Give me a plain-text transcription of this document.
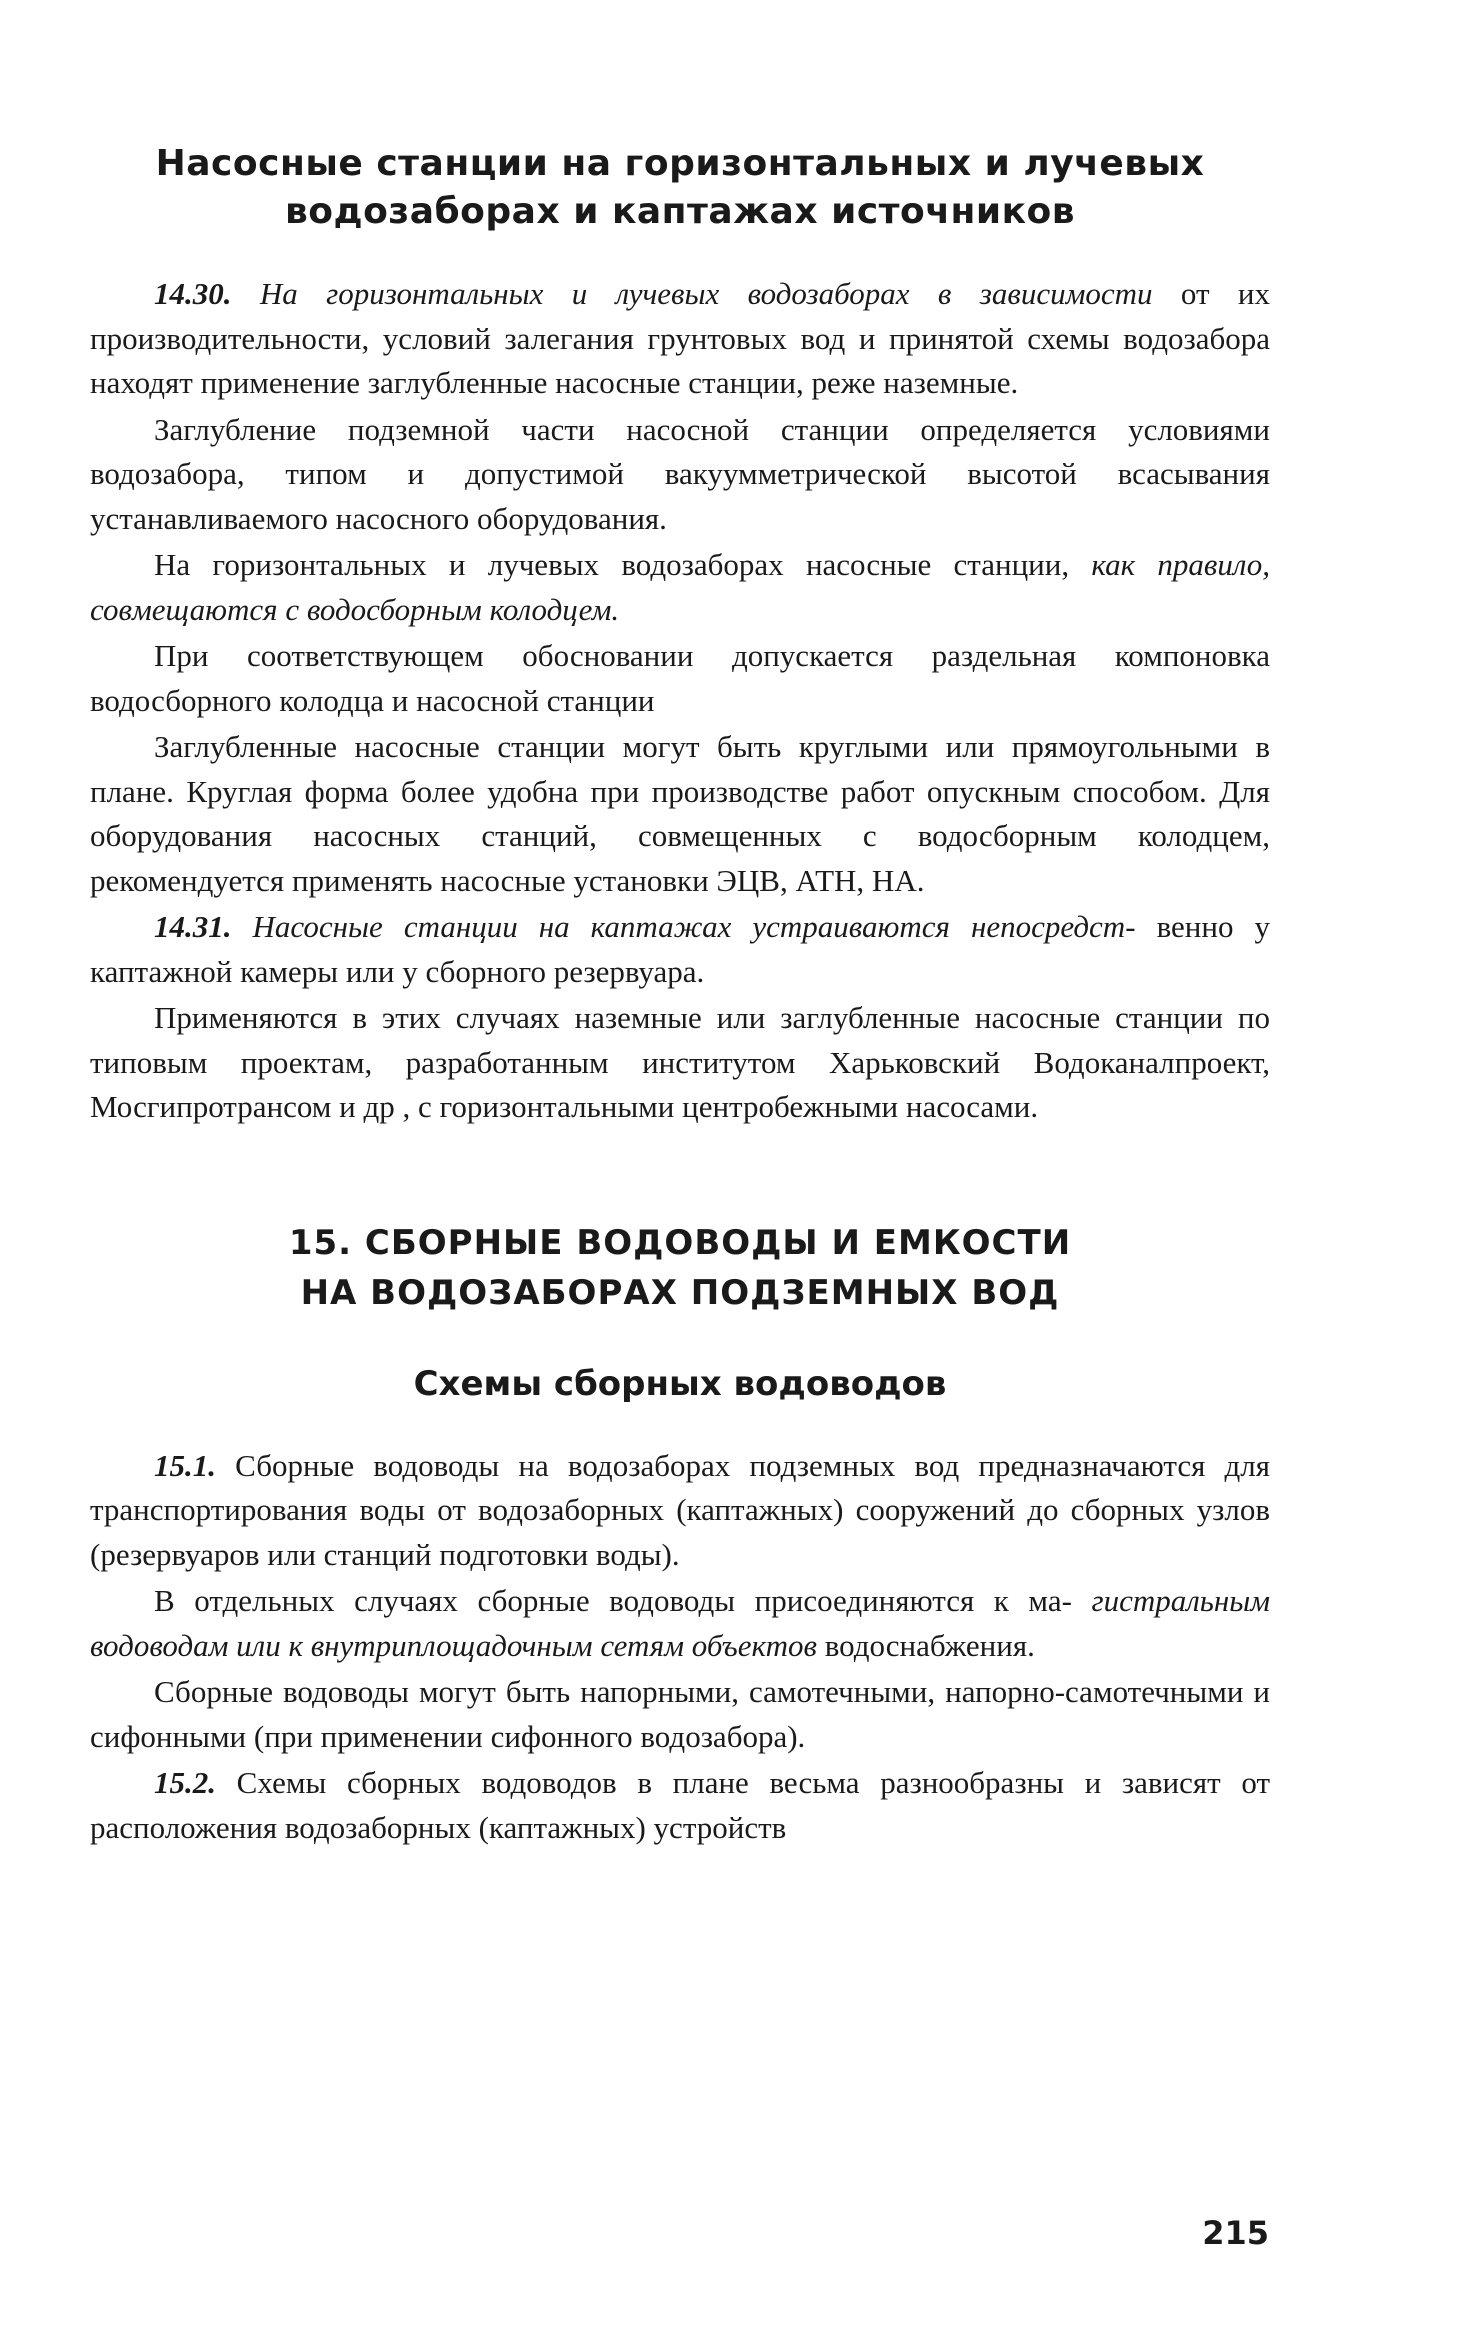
Насосные станции на горизонтальных и лучевых
водозаборах и каптажах источников

14.30. На горизонтальных и лучевых водозаборах в зависимости от их производительности, условий залегания грунтовых вод и принятой схемы водозабора находят применение заглубленные насосные станции, реже наземные.

Заглубление подземной части насосной станции определяется условиями водозабора, типом и допустимой вакуумметрической высотой всасывания устанавливаемого насосного оборудования.

На горизонтальных и лучевых водозаборах насосные станции, как правило, совмещаются с водосборным колодцем.

При соответствующем обосновании допускается раздельная компоновка водосборного колодца и насосной станции

Заглубленные насосные станции могут быть круглыми или прямоугольными в плане. Круглая форма более удобна при производстве работ опускным способом. Для оборудования насосных станций, совмещенных с водосборным колодцем, рекомендуется применять насосные установки ЭЦВ, АТН, НА.

14.31. Насосные станции на каптажах устраиваются непосредст- венно у каптажной камеры или у сборного резервуара.

Применяются в этих случаях наземные или заглубленные насосные станции по типовым проектам, разработанным институтом Харьковский Водоканалпроект, Мосгипротрансом и др , с горизонтальными центробежными насосами.

15. СБОРНЫЕ ВОДОВОДЫ И ЕМКОСТИ
НА ВОДОЗАБОРАХ ПОДЗЕМНЫХ ВОД
Схемы сборных водоводов

15.1. Сборные водоводы на водозаборах подземных вод предназначаются для транспортирования воды от водозаборных (каптажных) сооружений до сборных узлов (резервуаров или станций подготовки воды).

В отдельных случаях сборные водоводы присоединяются к ма- гистральным водоводам или к внутриплощадочным сетям объектов водоснабжения.

Сборные водоводы могут быть напорными, самотечными, напорно-самотечными и сифонными (при применении сифонного водозабора).

15.2. Схемы сборных водоводов в плане весьма разнообразны и зависят от расположения водозаборных (каптажных) устройств

215
